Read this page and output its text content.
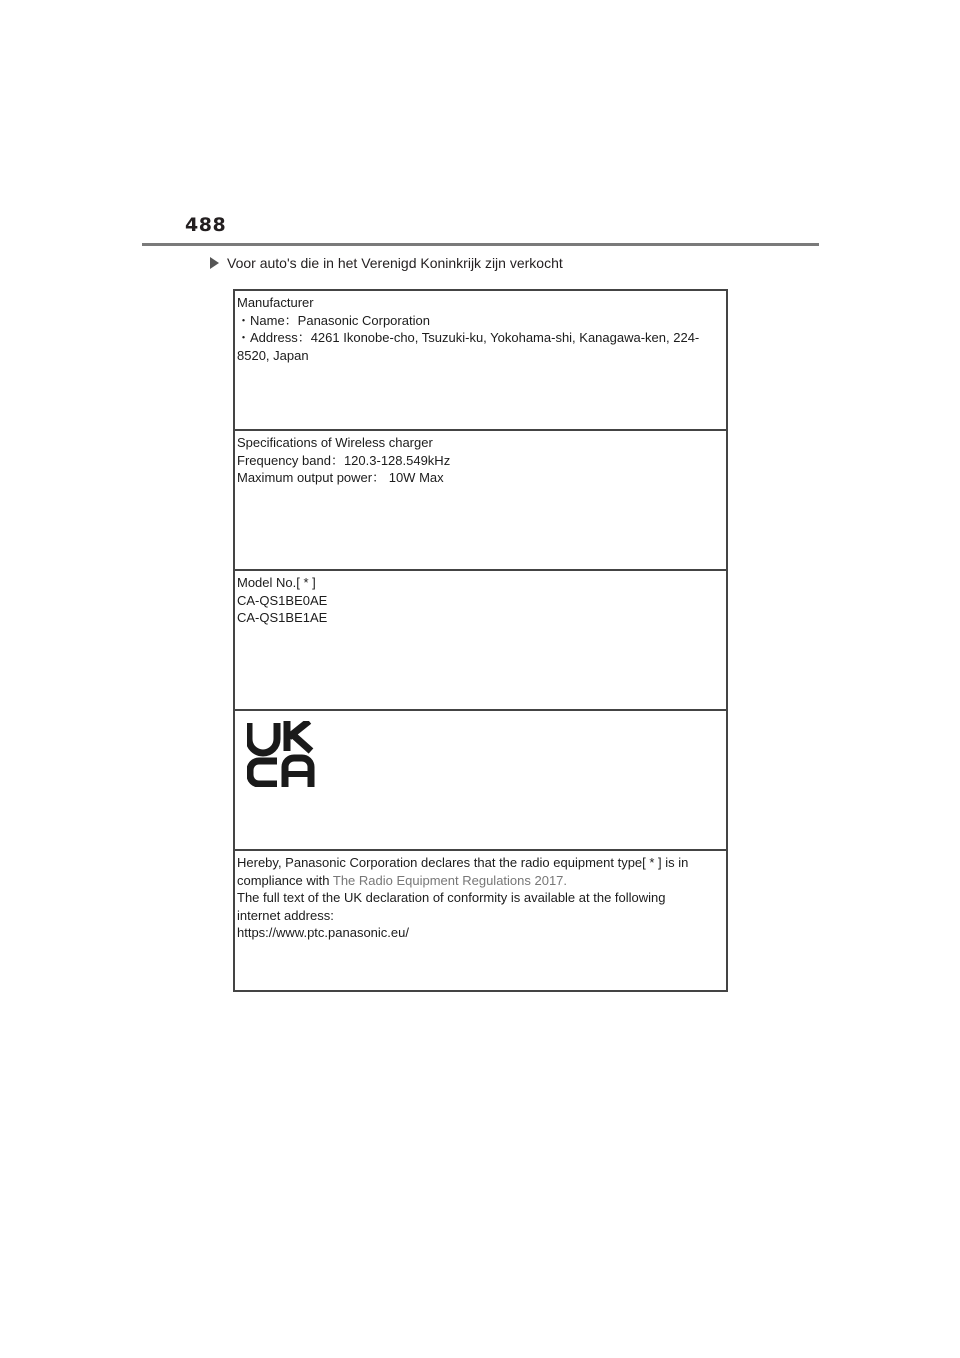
488
Voor auto's die in het Verenigd Koninkrijk zijn verkocht
Manufacturer
・Name：Panasonic Corporation
・Address：4261 Ikonobe-cho, Tsuzuki-ku, Yokohama-shi, Kanagawa-ken, 224-
8520, Japan
Specifications of Wireless charger
Frequency band：120.3-128.549kHz
Maximum output power： 10W Max
Model No.[ * ]
CA-QS1BE0AE
CA-QS1BE1AE
Hereby, Panasonic Corporation declares that the radio equipment type[ * ] is in
compliance with The Radio Equipment Regulations 2017.
The full text of the UK declaration of conformity is available at the following
internet address:
https://www.ptc.panasonic.eu/
